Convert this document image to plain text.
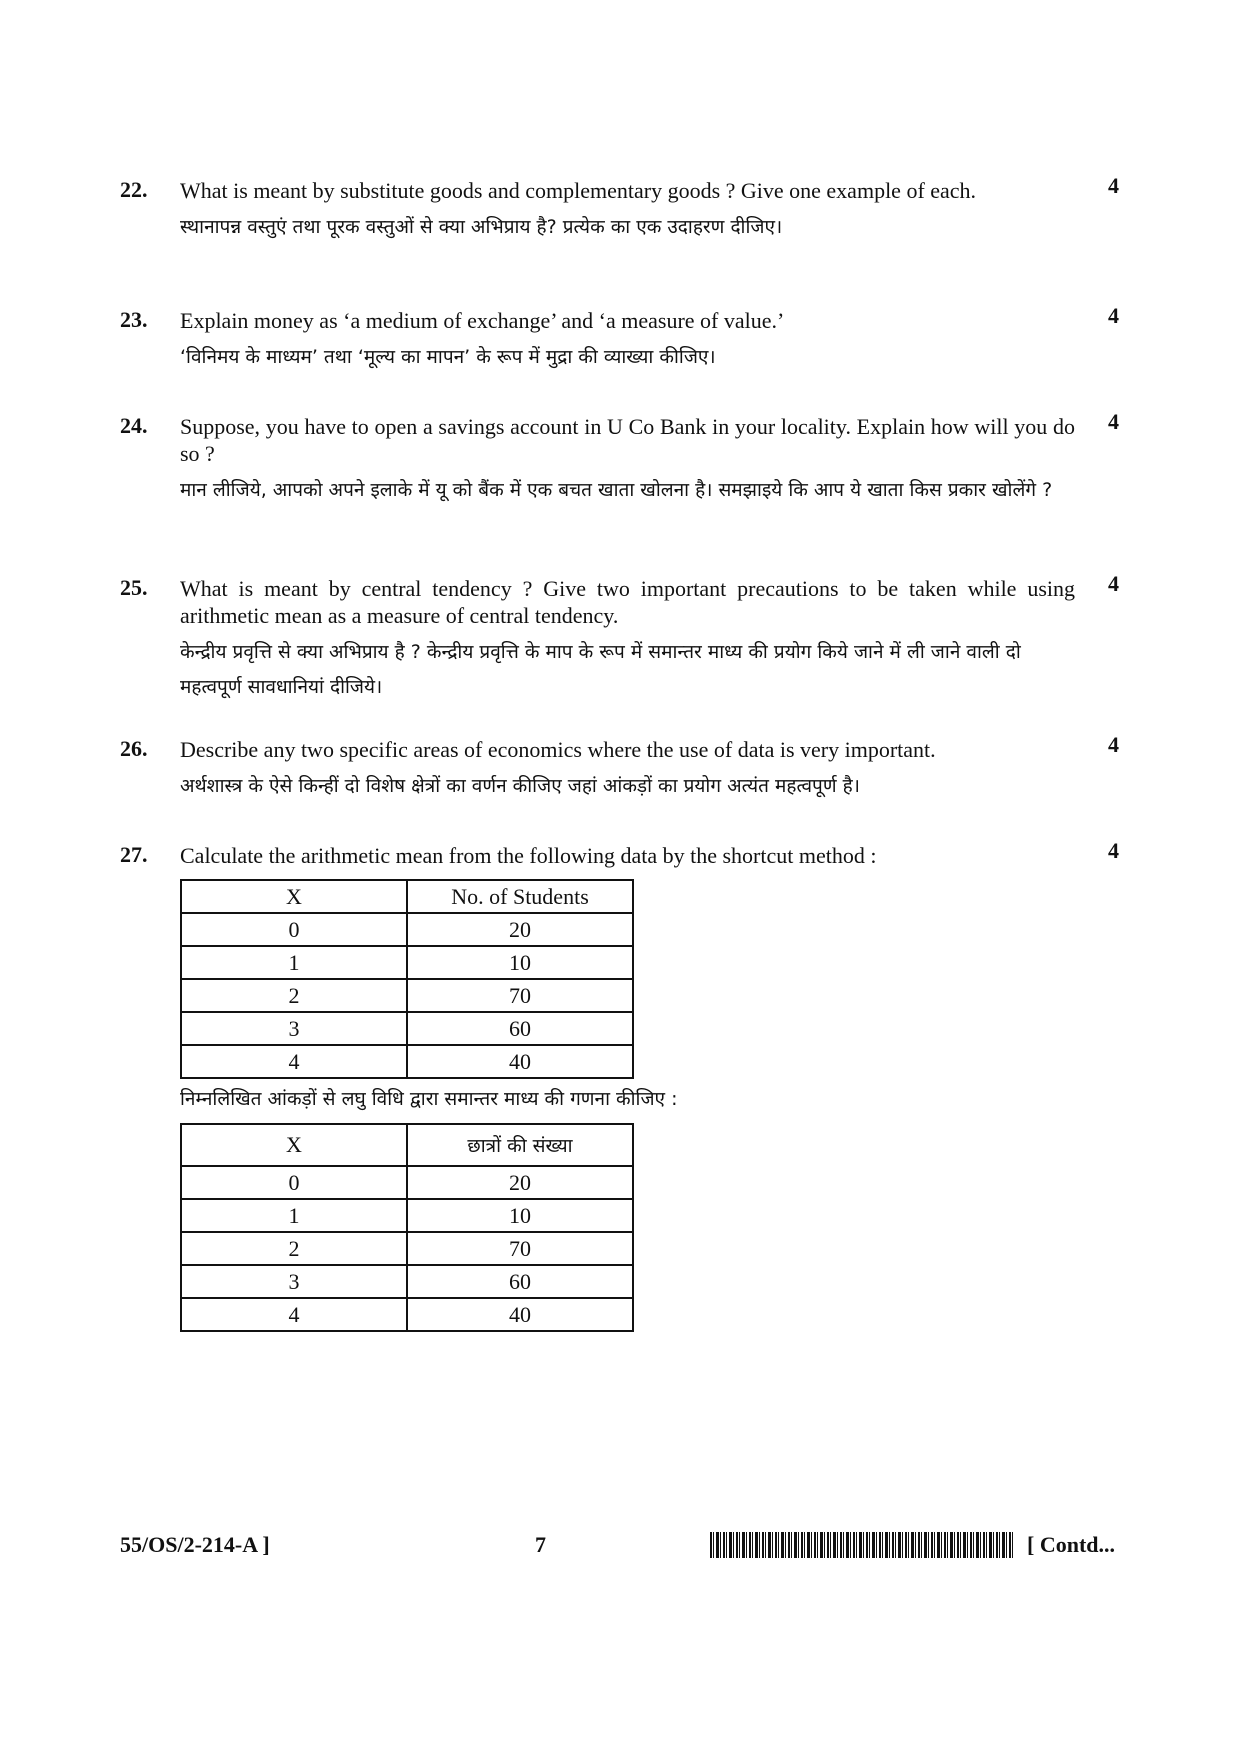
22. What is meant by substitute goods and complementary goods ? Give one example of each.
स्थानापन्न वस्तुएं तथा पूरक वस्तुओं से क्या अभिप्राय है? प्रत्येक का एक उदाहरण दीजिए।
4
23. Explain money as ‘a medium of exchange’ and ‘a measure of value.’
‘विनिमय के माध्यम’ तथा ‘मूल्य का मापन’ के रूप में मुद्रा की व्याख्या कीजिए।
4
24. Suppose, you have to open a savings account in U Co Bank in your locality. Explain how will you do so ?
मान लीजिये, आपको अपने इलाके में यू को बैंक में एक बचत खाता खोलना है। समझाइये कि आप ये खाता किस प्रकार खोलेंगे ?
4
25. What is meant by central tendency ? Give two important precautions to be taken while using arithmetic mean as a measure of central tendency.
केन्द्रीय प्रवृत्ति से क्या अभिप्राय है ? केन्द्रीय प्रवृत्ति के माप के रूप में समान्तर माध्य की प्रयोग किये जाने में ली जाने वाली दो महत्वपूर्ण सावधानियां दीजिये।
4
26. Describe any two specific areas of economics where the use of data is very important.
अर्थशास्त्र के ऐसे किन्हीं दो विशेष क्षेत्रों का वर्णन कीजिए जहां आंकड़ों का प्रयोग अत्यंत महत्वपूर्ण है।
4
27. Calculate the arithmetic mean from the following data by the shortcut method :
X	No. of Students
0	20
1	10
2	70
3	60
4	40
निम्नलिखित आंकड़ों से लघु विधि द्वारा समान्तर माध्य की गणना कीजिए :
X	छात्रों की संख्या
0	20
1	10
2	70
3	60
4	40
4
55/OS/2-214-A ]	7	[ Contd...
